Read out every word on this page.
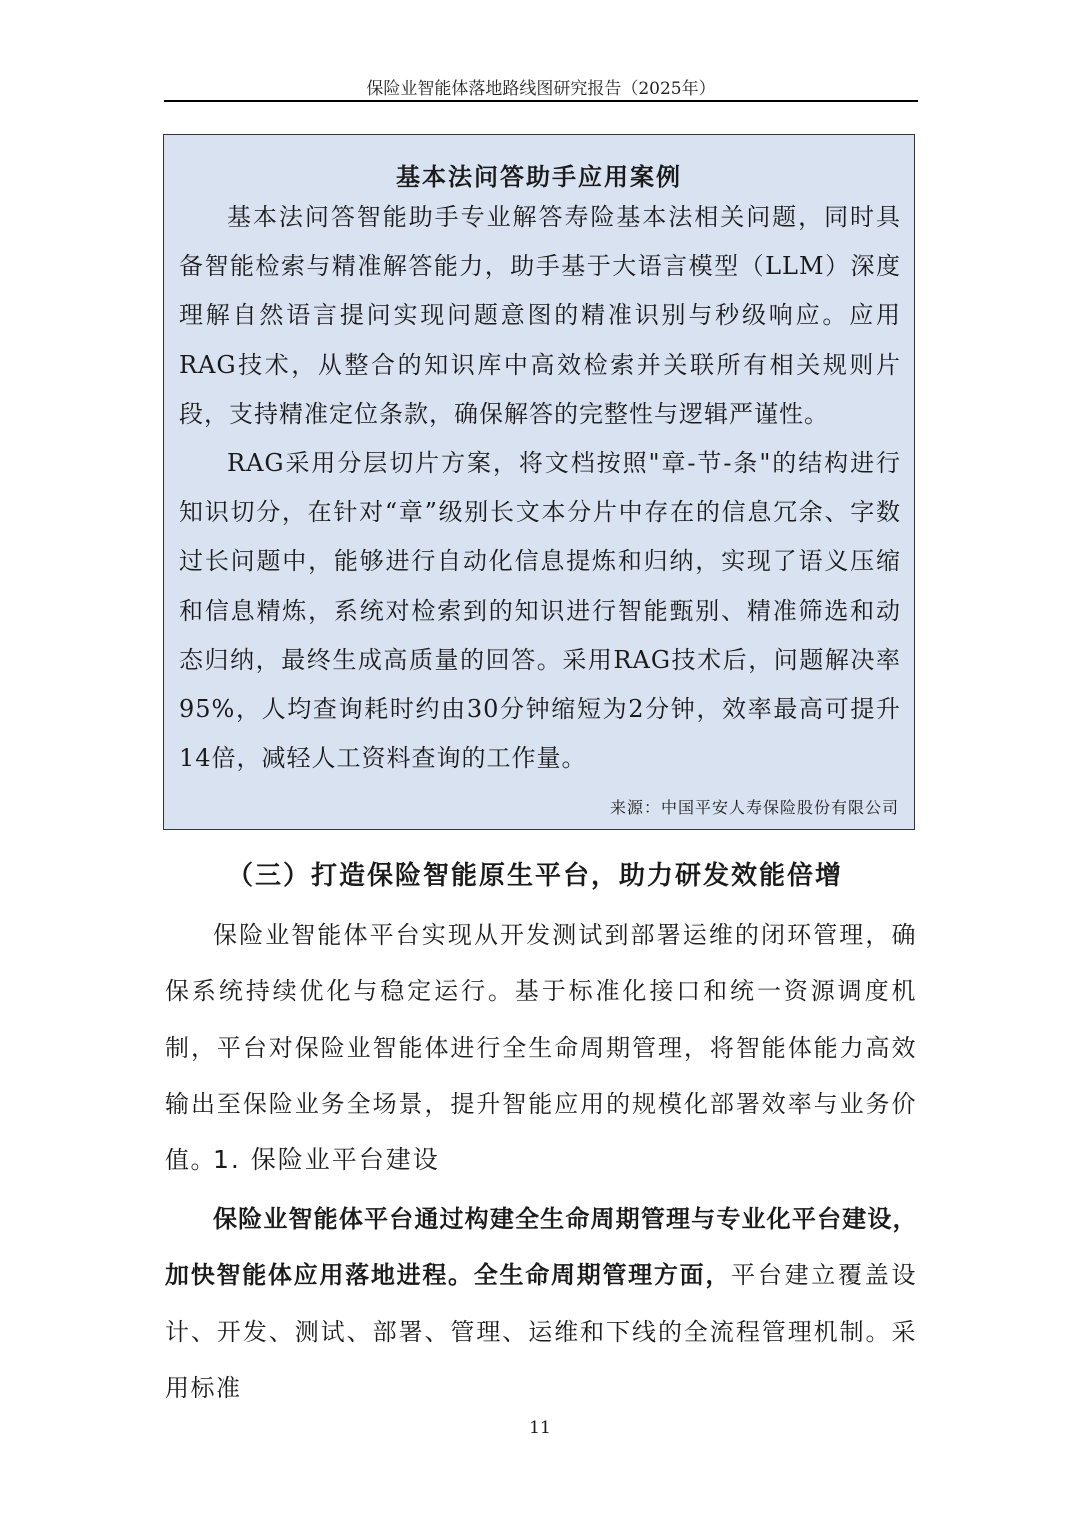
保险业智能体落地路线图研究报告（2025年）
基本法问答助手应用案例

基本法问答智能助手专业解答寿险基本法相关问题，同时具备智能检索与精准解答能力，助手基于大语言模型（LLM）深度理解自然语言提问实现问题意图的精准识别与秒级响应。应用RAG技术，从整合的知识库中高效检索并关联所有相关规则片段，支持精准定位条款，确保解答的完整性与逻辑严谨性。

RAG采用分层切片方案，将文档按照"章-节-条"的结构进行知识切分，在针对“章”级别长文本分片中存在的信息冗余、字数过长问题中，能够进行自动化信息提炼和归纳，实现了语义压缩和信息精炼，系统对检索到的知识进行智能甄别、精准筛选和动态归纳，最终生成高质量的回答。采用RAG技术后，问题解决率95%，人均查询耗时约由30分钟缩短为2分钟，效率最高可提升14倍，减轻人工资料查询的工作量。

来源：中国平安人寿保险股份有限公司
（三）打造保险智能原生平台，助力研发效能倍增

保险业智能体平台实现从开发测试到部署运维的闭环管理，确保系统持续优化与稳定运行。基于标准化接口和统一资源调度机制，平台对保险业智能体进行全生命周期管理，将智能体能力高效输出至保险业务全场景，提升智能应用的规模化部署效率与业务价值。

1. 保险业平台建设

保险业智能体平台通过构建全生命周期管理与专业化平台建设，加快智能体应用落地进程。全生命周期管理方面，平台建立覆盖设计、开发、测试、部署、管理、运维和下线的全流程管理机制。采用标准

11
